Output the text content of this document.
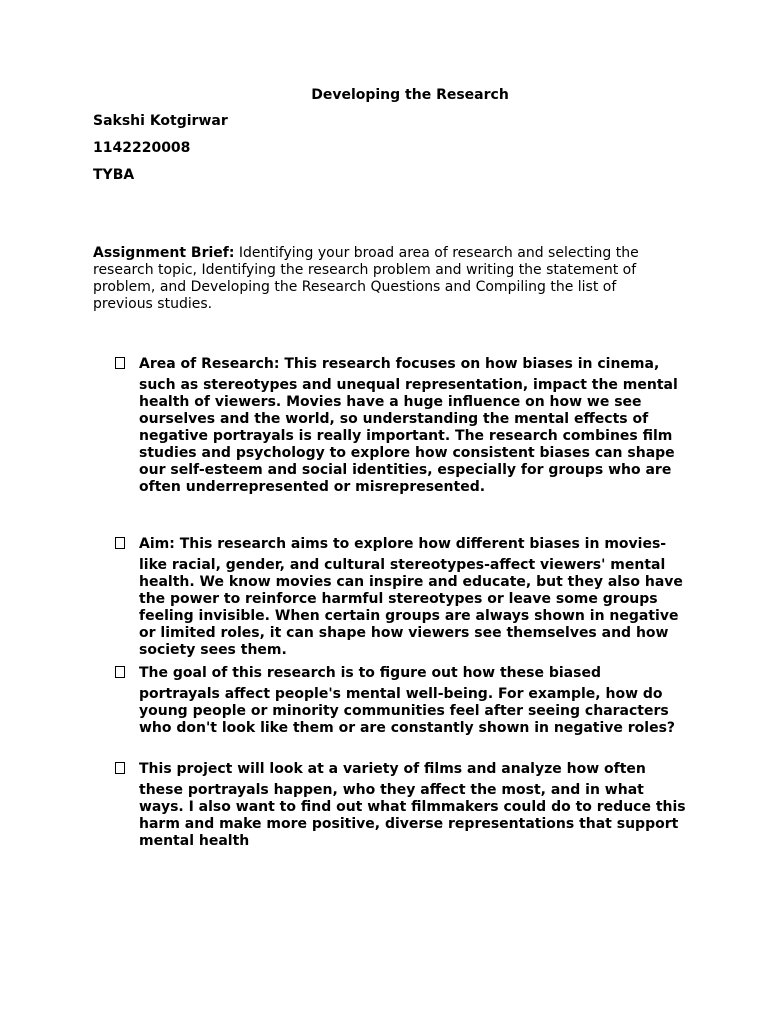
Developing the Research
Sakshi Kotgirwar
1142220008
TYBA
Assignment Brief: Identifying your broad area of research and selecting the research topic, Identifying the research problem and writing the statement of problem, and Developing the Research Questions and Compiling the list of previous studies.
Area of Research: This research focuses on how biases in cinema,
such as stereotypes and unequal representation, impact the mental health of viewers. Movies have a huge influence on how we see ourselves and the world, so understanding the mental effects of negative portrayals is really important. The research combines film studies and psychology to explore how consistent biases can shape our self-esteem and social identities, especially for groups who are often underrepresented or misrepresented.
Aim: This research aims to explore how different biases in movies-
like racial, gender, and cultural stereotypes-affect viewers' mental health. We know movies can inspire and educate, but they also have the power to reinforce harmful stereotypes or leave some groups feeling invisible. When certain groups are always shown in negative or limited roles, it can shape how viewers see themselves and how society sees them.
The goal of this research is to figure out how these biased
portrayals affect people's mental well-being. For example, how do young people or minority communities feel after seeing characters who don't look like them or are constantly shown in negative roles?
This project will look at a variety of films and analyze how often
these portrayals happen, who they affect the most, and in what ways. I also want to find out what filmmakers could do to reduce this harm and make more positive, diverse representations that support mental health
